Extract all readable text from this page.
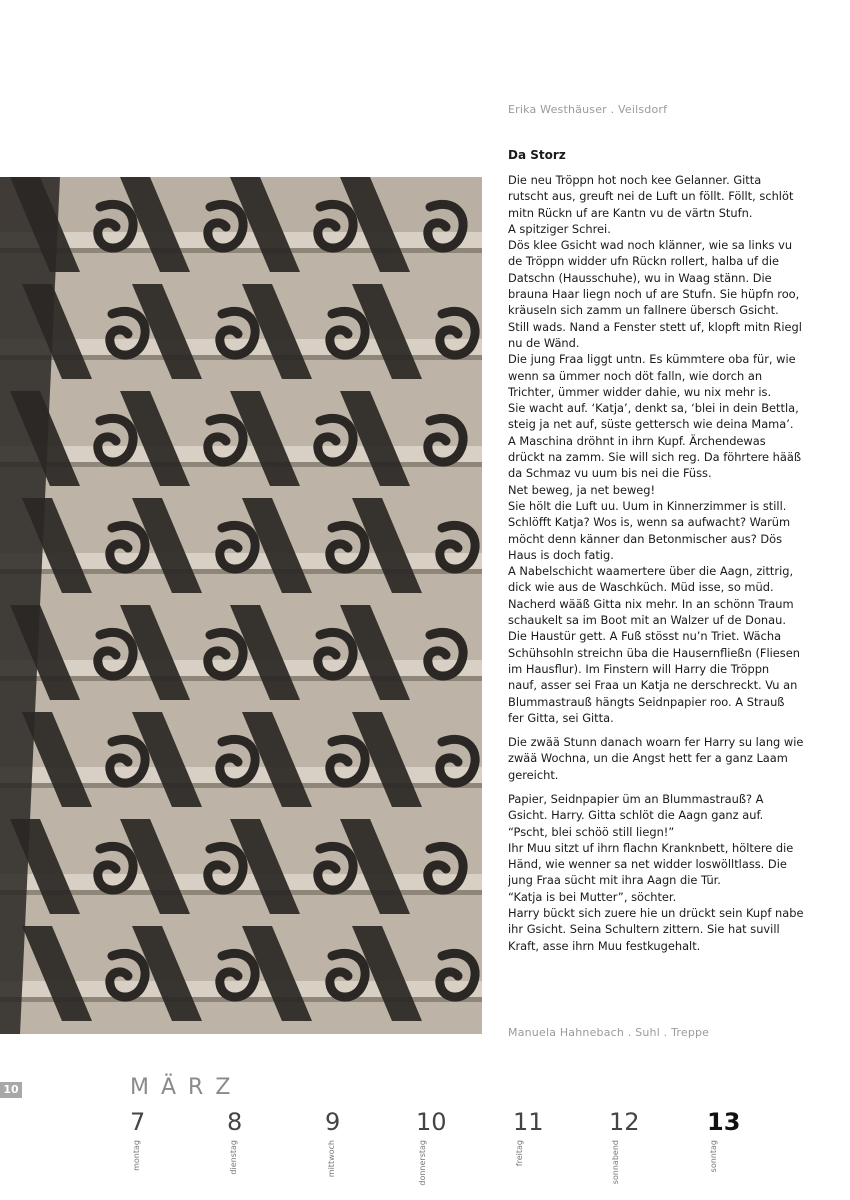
Erika Westhäuser . Veilsdorf
Da Storz

Die neu Tröppn hot noch kee Gelanner. Gitta
rutscht aus, greuft nei de Luft un föllt. Föllt, schlöt
mitn Rückn uf are Kantn vu de värtn Stufn.
A spitziger Schrei.
Dös klee Gsicht wad noch klänner, wie sa links vu
de Tröppn widder ufn Rückn rollert, halba uf die
Datschn (Hausschuhe), wu in Waag stänn. Die
brauna Haar liegn noch uf are Stufn. Sie hüpfn roo,
kräuseln sich zamm un fallnere übersch Gsicht.
Still wads. Nand a Fenster stett uf, klopft mitn Riegl
nu de Wänd.
Die jung Fraa liggt untn. Es kümmtere oba für, wie
wenn sa ümmer noch döt falln, wie dorch an
Trichter, ümmer widder dahie, wu nix mehr is.
Sie wacht auf. ‘Katja’, denkt sa, ‘blei in dein Bettla,
steig ja net auf, süste gettersch wie deina Mama’.
A Maschina dröhnt in ihrn Kupf. Ärchendewas
drückt na zamm. Sie will sich reg. Da föhrtere hääß
da Schmaz vu uum bis nei die Füss.
Net beweg, ja net beweg!
Sie hölt die Luft uu. Uum in Kinnerzimmer is still.
Schlöfft Katja? Wos is, wenn sa aufwacht? Warüm
möcht denn känner dan Betonmischer aus? Dös
Haus is doch fatig.
A Nabelschicht waamertere über die Aagn, zittrig,
dick wie aus de Waschküch. Müd isse, so müd.
Nacherd wääß Gitta nix mehr. In an schönn Traum
schaukelt sa im Boot mit an Walzer uf de Donau.
Die Haustür gett. A Fuß stösst nu’n Triet. Wächa
Schühsohln streichn üba die Hausernfließn (Fliesen
im Hausflur). Im Finstern will Harry die Tröppn
nauf, asser sei Fraa un Katja ne derschreckt. Vu an
Blummastrauß hängts Seidnpapier roo. A Strauß
fer Gitta, sei Gitta.

Die zwää Stunn danach woarn fer Harry su lang wie
zwää Wochna, un die Angst hett fer a ganz Laam
gereicht.

Papier, Seidnpapier üm an Blummastrauß? A
Gsicht. Harry. Gitta schlöt die Aagn ganz auf.
“Pscht, blei schöö still liegn!”
Ihr Muu sitzt uf ihrn flachn Kranknbett, höltere die
Händ, wie wenner sa net widder loswölltlass. Die
jung Fraa sücht mit ihra Aagn die Tür.
“Katja is bei Mutter”, söchter.
Harry bückt sich zuere hie un drückt sein Kupf nabe
ihr Gsicht. Seina Schultern zittern. Sie hat suvill
Kraft, asse ihrn Muu festkugehalt.

Manuela Hahnebach . Suhl . Treppe
10	MÄRZ
7
montag
8
dienstag
9
mittwoch
10
donnerstag
11
freitag
12
sonnabend
13
sonntag
